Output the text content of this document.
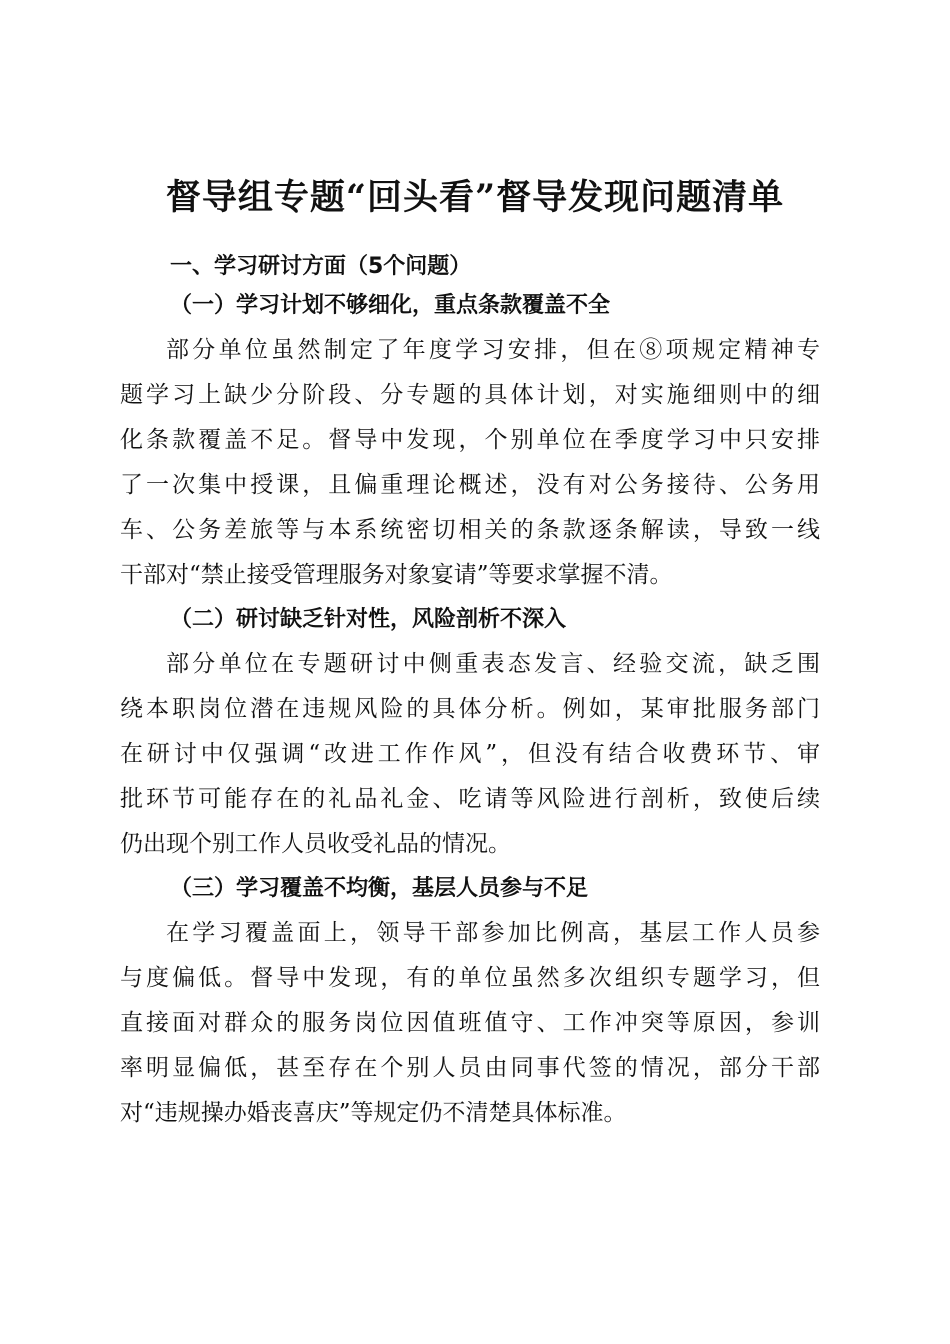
督导组专题“回头看”督导发现问题清单
一、学习研讨方面（5个问题）
（一）学习计划不够细化，重点条款覆盖不全

部分单位虽然制定了年度学习安排，但在⑧项规定精神专
题学习上缺少分阶段、分专题的具体计划，对实施细则中的细
化条款覆盖不足。督导中发现，个别单位在季度学习中只安排
了一次集中授课，且偏重理论概述，没有对公务接待、公务用
车、公务差旅等与本系统密切相关的条款逐条解读，导致一线
干部对“禁止接受管理服务对象宴请”等要求掌握不清。

（二）研讨缺乏针对性，风险剖析不深入

部分单位在专题研讨中侧重表态发言、经验交流，缺乏围
绕本职岗位潜在违规风险的具体分析。例如，某审批服务部门
在研讨中仅强调“改进工作作风”，但没有结合收费环节、审
批环节可能存在的礼品礼金、吃请等风险进行剖析，致使后续
仍出现个别工作人员收受礼品的情况。

（三）学习覆盖不均衡，基层人员参与不足

在学习覆盖面上，领导干部参加比例高，基层工作人员参
与度偏低。督导中发现，有的单位虽然多次组织专题学习，但
直接面对群众的服务岗位因值班值守、工作冲突等原因，参训
率明显偏低，甚至存在个别人员由同事代签的情况，部分干部
对“违规操办婚丧喜庆”等规定仍不清楚具体标准。
